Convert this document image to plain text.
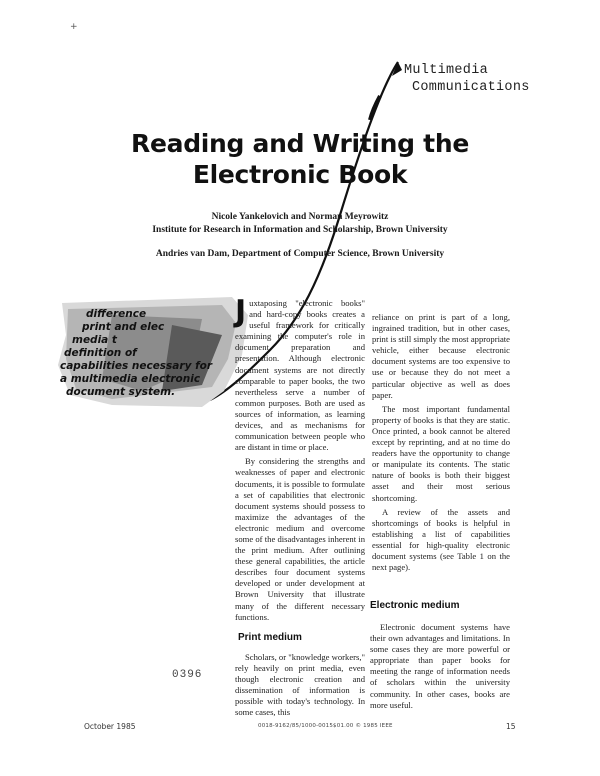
+
Multimedia
Communications
Reading and Writing the
Electronic Book
Nicole Yankelovich and Norman Meyrowitz
Institute for Research in Information and Scholarship, Brown University
Andries van Dam, Department of Computer Science, Brown University
difference
print and elec
media t
definition of
capabilities necessary for
a multimedia electronic
document system.

Juxtaposing "electronic books" and hard-copy books creates a useful framework for critically examining the computer's role in document preparation and presentation. Although electronic document systems are not directly comparable to paper books, the two nevertheless serve a number of common purposes. Both are used as sources of information, as learning devices, and as mechanisms for communication between people who are distant in time or place.

By considering the strengths and weaknesses of paper and electronic documents, it is possible to formulate a set of capabilities that electronic document systems should possess to maximize the advantages of the electronic medium and overcome some of the disadvantages inherent in the print medium. After outlining these general capabilities, the article describes four document systems developed or under development at Brown University that illustrate many of the different necessary functions.

reliance on print is part of a long, ingrained tradition, but in other cases, print is still simply the most appropriate vehicle, either because electronic document systems are too expensive to use or because they do not meet a particular objective as well as does paper.

The most important fundamental property of books is that they are static. Once printed, a book cannot be altered except by reprinting, and at no time do readers have the opportunity to change or manipulate its contents. The static nature of books is both their biggest asset and their most serious shortcoming.

A review of the assets and shortcomings of books is helpful in establishing a list of capabilities essential for high-quality electronic document systems (see Table 1 on the next page).

Print medium

Scholars, or "knowledge workers," rely heavily on print media, even though electronic creation and dissemination of information is possible with today's technology. In some cases, this

Electronic medium

Electronic document systems have their own advantages and limitations. In some cases they are more powerful or appropriate than paper books for meeting the range of information needs of scholars within the university community. In other cases, books are more useful.

0396
October 1985	0018-9162/85/1000-0015$01.00 © 1985 IEEE	15
